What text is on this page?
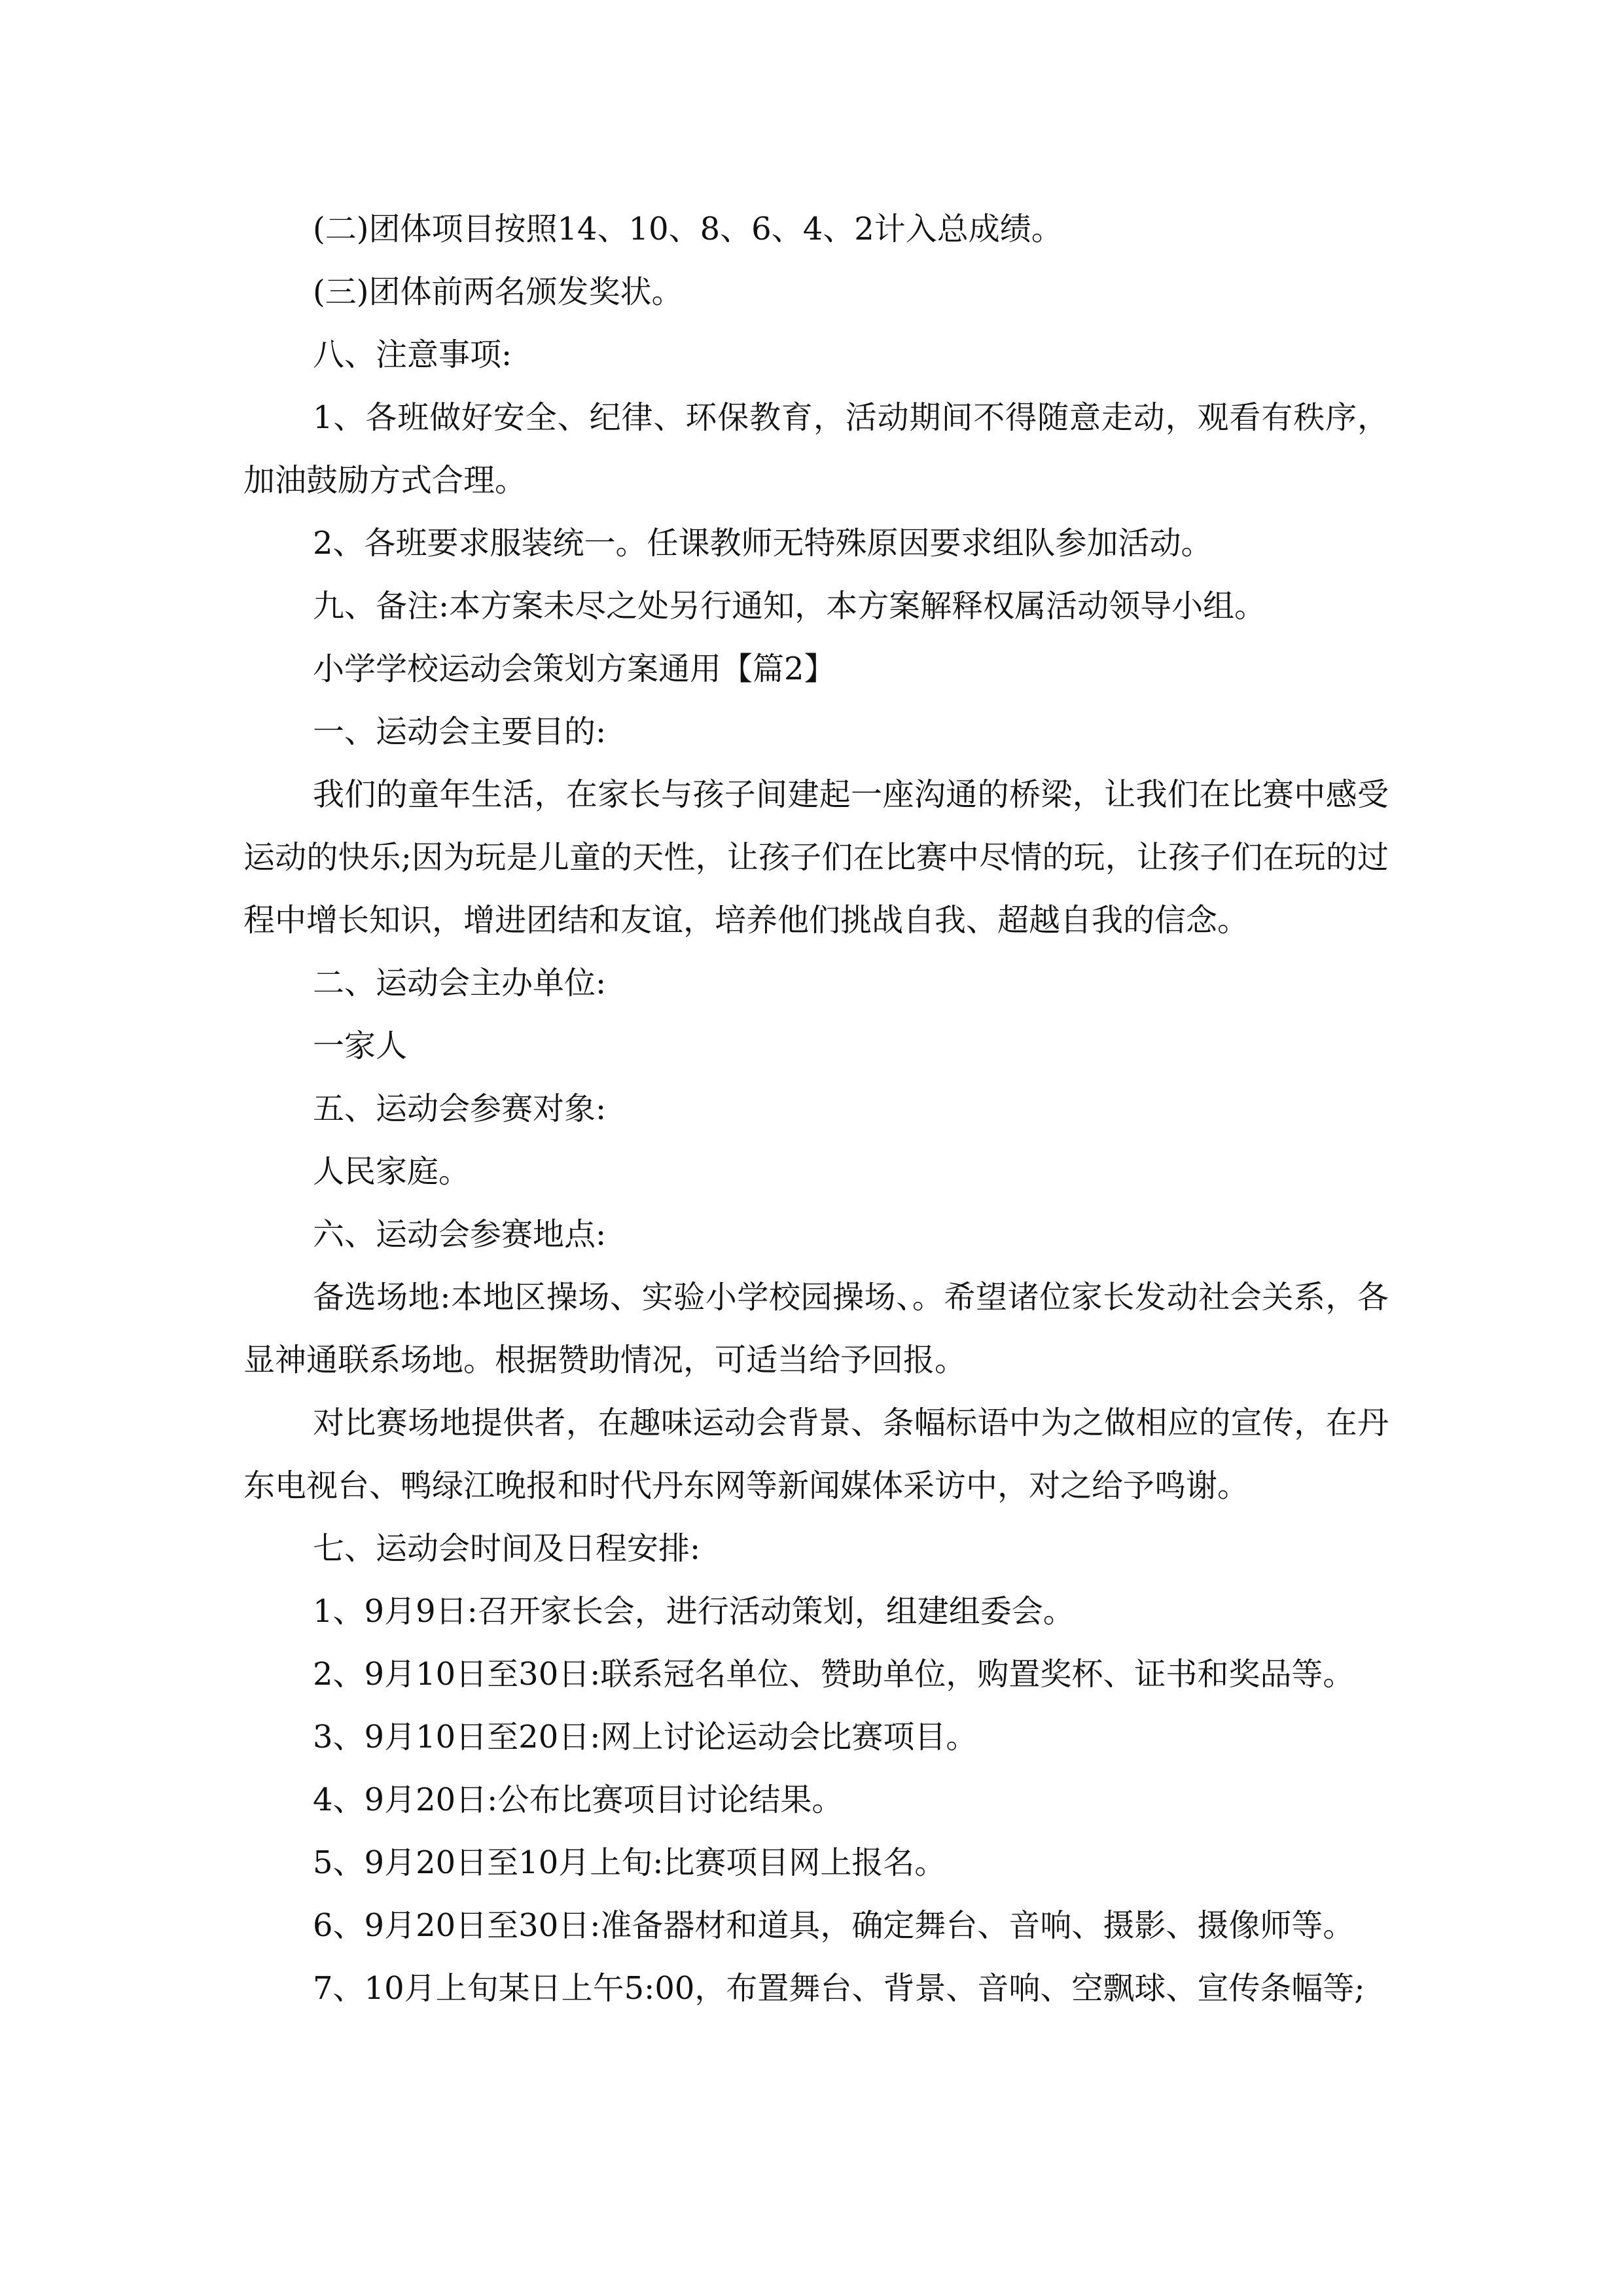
(二)团体项目按照14、10、8、6、4、2计入总成绩。

(三)团体前两名颁发奖状。

八、注意事项:

1、各班做好安全、纪律、环保教育，活动期间不得随意走动，观看有秩序，加油鼓励方式合理。

2、各班要求服装统一。任课教师无特殊原因要求组队参加活动。

九、备注:本方案未尽之处另行通知，本方案解释权属活动领导小组。

小学学校运动会策划方案通用【篇2】

一、运动会主要目的:

我们的童年生活，在家长与孩子间建起一座沟通的桥梁，让我们在比赛中感受运动的快乐;因为玩是儿童的天性，让孩子们在比赛中尽情的玩，让孩子们在玩的过程中增长知识，增进团结和友谊，培养他们挑战自我、超越自我的信念。

二、运动会主办单位:

一家人

五、运动会参赛对象:

人民家庭。

六、运动会参赛地点:

备选场地:本地区操场、实验小学校园操场、。希望诸位家长发动社会关系，各显神通联系场地。根据赞助情况，可适当给予回报。

对比赛场地提供者，在趣味运动会背景、条幅标语中为之做相应的宣传，在丹东电视台、鸭绿江晚报和时代丹东网等新闻媒体采访中，对之给予鸣谢。

七、运动会时间及日程安排:

1、9月9日:召开家长会，进行活动策划，组建组委会。

2、9月10日至30日:联系冠名单位、赞助单位，购置奖杯、证书和奖品等。

3、9月10日至20日:网上讨论运动会比赛项目。

4、9月20日:公布比赛项目讨论结果。

5、9月20日至10月上旬:比赛项目网上报名。

6、9月20日至30日:准备器材和道具，确定舞台、音响、摄影、摄像师等。

7、10月上旬某日上午5:00，布置舞台、背景、音响、空飘球、宣传条幅等;
